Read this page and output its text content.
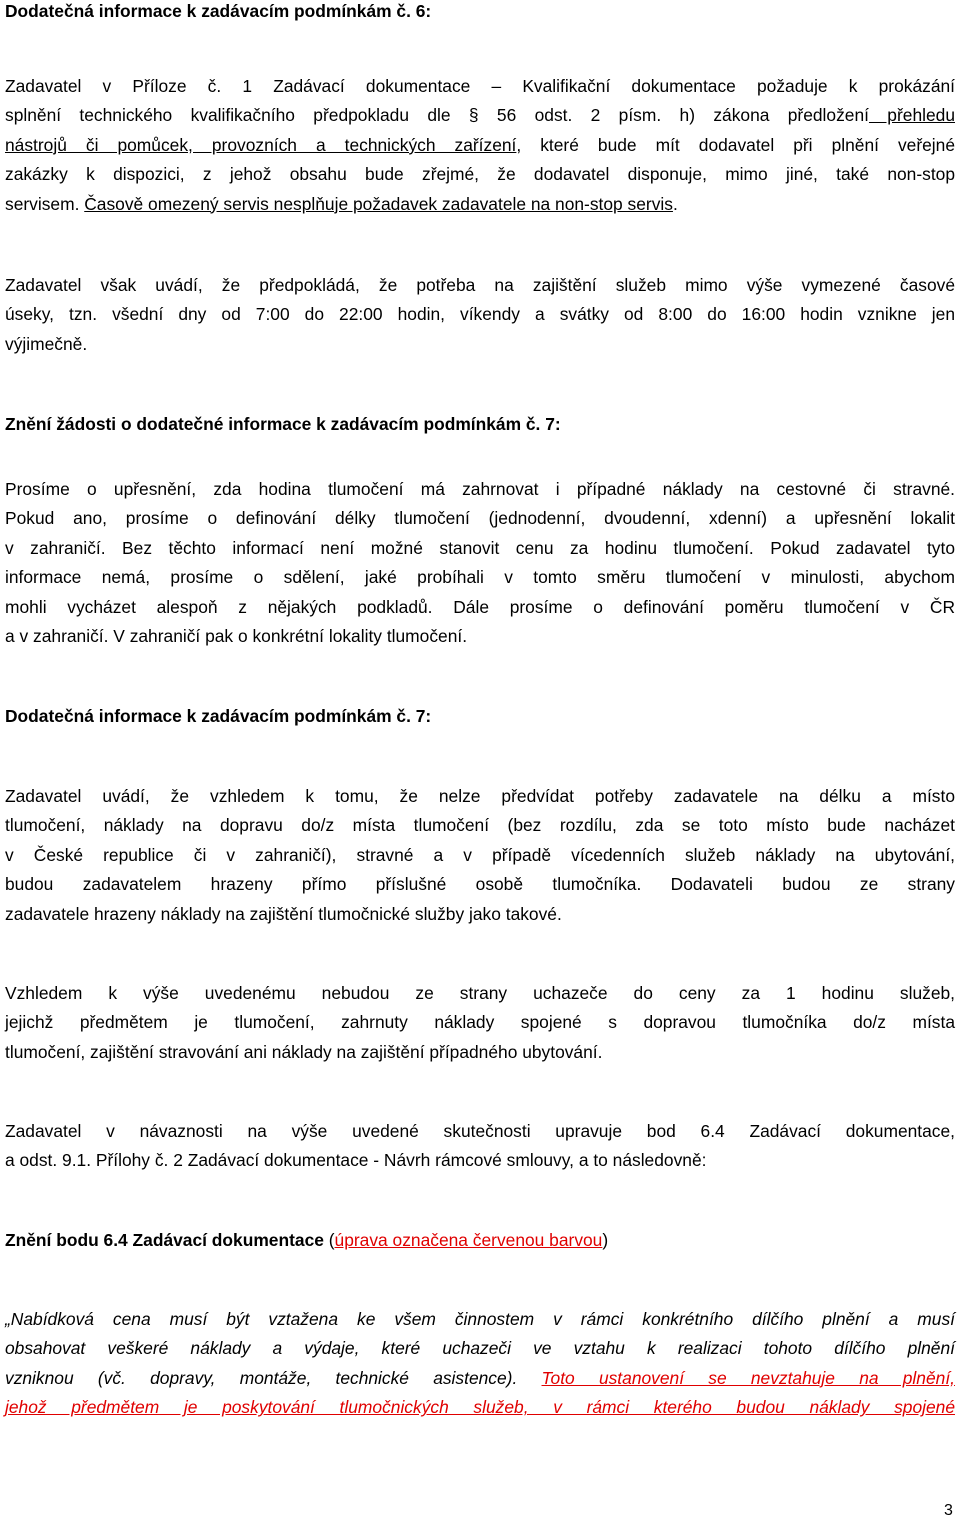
Dodatečná informace k zadávacím podmínkám č. 6:
Zadavatel v Příloze č. 1 Zadávací dokumentace – Kvalifikační dokumentace požaduje k prokázání
splnění technického kvalifikačního předpokladu dle § 56 odst. 2 písm. h) zákona předložení přehledu
nástrojů či pomůcek, provozních a technických zařízení, které bude mít dodavatel při plnění veřejné
zakázky k dispozici, z jehož obsahu bude zřejmé, že dodavatel disponuje, mimo jiné, také non-stop
servisem. Časově omezený servis nesplňuje požadavek zadavatele na non-stop servis.
Zadavatel však uvádí, že předpokládá, že potřeba na zajištění služeb mimo výše vymezené časové
úseky, tzn. všední dny od 7:00 do 22:00 hodin, víkendy a svátky od 8:00 do 16:00 hodin vznikne jen
výjimečně.
Znění žádosti o dodatečné informace k zadávacím podmínkám č. 7:
Prosíme o upřesnění, zda hodina tlumočení má zahrnovat i případné náklady na cestovné či stravné.
Pokud ano, prosíme o definování délky tlumočení (jednodenní, dvoudenní, xdenní) a upřesnění lokalit
v zahraničí. Bez těchto informací není možné stanovit cenu za hodinu tlumočení. Pokud zadavatel tyto
informace nemá, prosíme o sdělení, jaké probíhali v tomto směru tlumočení v minulosti, abychom
mohli vycházet alespoň z nějakých podkladů. Dále prosíme o definování poměru tlumočení v ČR
a v zahraničí. V zahraničí pak o konkrétní lokality tlumočení.
Dodatečná informace k zadávacím podmínkám č. 7:
Zadavatel uvádí, že vzhledem k tomu, že nelze předvídat potřeby zadavatele na délku a místo
tlumočení, náklady na dopravu do/z místa tlumočení (bez rozdílu, zda se toto místo bude nacházet
v České republice či v zahraničí), stravné a v případě vícedenních služeb náklady na ubytování,
budou zadavatelem hrazeny přímo příslušné osobě tlumočníka. Dodavateli budou ze strany
zadavatele hrazeny náklady na zajištění tlumočnické služby jako takové.
Vzhledem k výše uvedenému nebudou ze strany uchazeče do ceny za 1 hodinu služeb,
jejichž předmětem je tlumočení, zahrnuty náklady spojené s dopravou tlumočníka do/z místa
tlumočení, zajištění stravování ani náklady na zajištění případného ubytování.
Zadavatel v návaznosti na výše uvedené skutečnosti upravuje bod 6.4 Zadávací dokumentace,
a odst. 9.1. Přílohy č. 2 Zadávací dokumentace - Návrh rámcové smlouvy, a to následovně:
Znění bodu 6.4 Zadávací dokumentace (úprava označena červenou barvou)
„Nabídková cena musí být vztažena ke všem činnostem v rámci konkrétního dílčího plnění a musí
obsahovat veškeré náklady a výdaje, které uchazeči ve vztahu k realizaci tohoto dílčího plnění
vzniknou (vč. dopravy, montáže, technické asistence). Toto ustanovení se nevztahuje na plnění,
jehož předmětem je poskytování tlumočnických služeb, v rámci kterého budou náklady spojené
3
